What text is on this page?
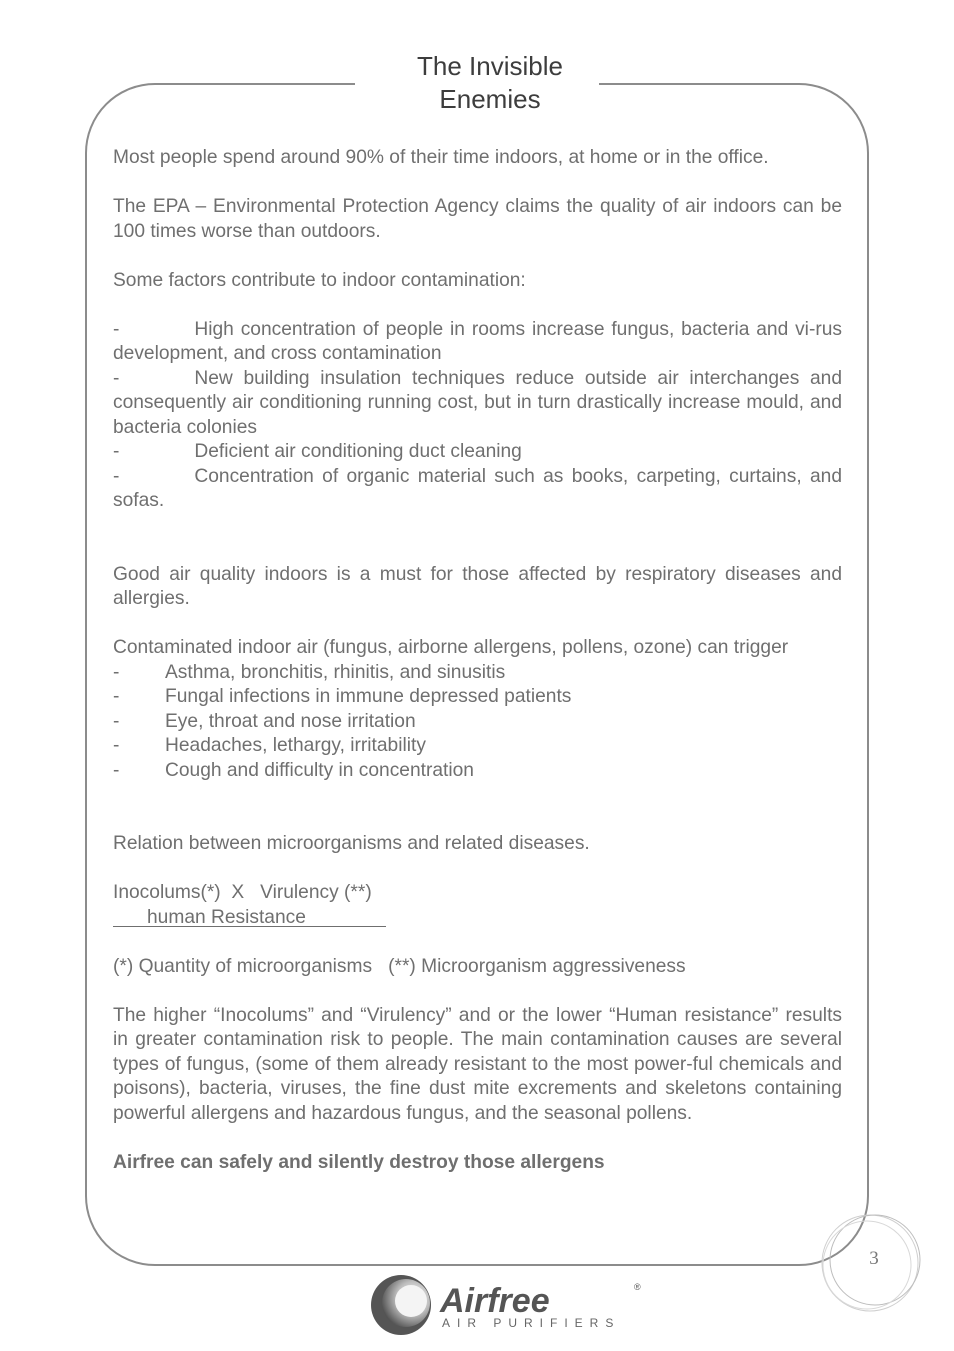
The Invisible
Enemies

Most people spend around 90% of their time indoors, at home or in the office.

The EPA – Environmental Protection Agency claims the quality of air indoors can be 100 times worse than outdoors.

Some factors contribute to indoor contamination:

-	High concentration of people in rooms increase fungus, bacteria and vi-rus development, and cross contamination
-	New building insulation techniques reduce outside air interchanges and consequently air conditioning running cost, but in turn drastically increase mould, and bacteria colonies
-	Deficient air conditioning duct cleaning
-	Concentration of organic material such as books, carpeting, curtains, and sofas.

Good air quality indoors is a must for those affected by respiratory diseases and allergies.

Contaminated indoor air (fungus, airborne allergens, pollens, ozone) can trigger

-	Asthma, bronchitis, rhinitis, and sinusitis
-	Fungal infections in immune depressed patients
-	Eye, throat and nose irritation
-	Headaches, lethargy, irritability
-	Cough and difficulty in concentration

Relation between microorganisms and related diseases.

Inocolums(*)  X   Virulency (**)
human Resistance

(*) Quantity of microorganisms   (**) Microorganism aggressiveness

The higher “Inocolums” and “Virulency” and or the lower “Human resistance” results in greater contamination risk to people. The main contamination causes are several types of fungus, (some of them already resistant to the most power-ful chemicals and poisons), bacteria, viruses, the fine dust mite excrements and skeletons containing powerful allergens and hazardous fungus, and the seasonal pollens.

Airfree can safely and silently destroy those allergens

3
Airfree	®
AIR PURIFIERS
